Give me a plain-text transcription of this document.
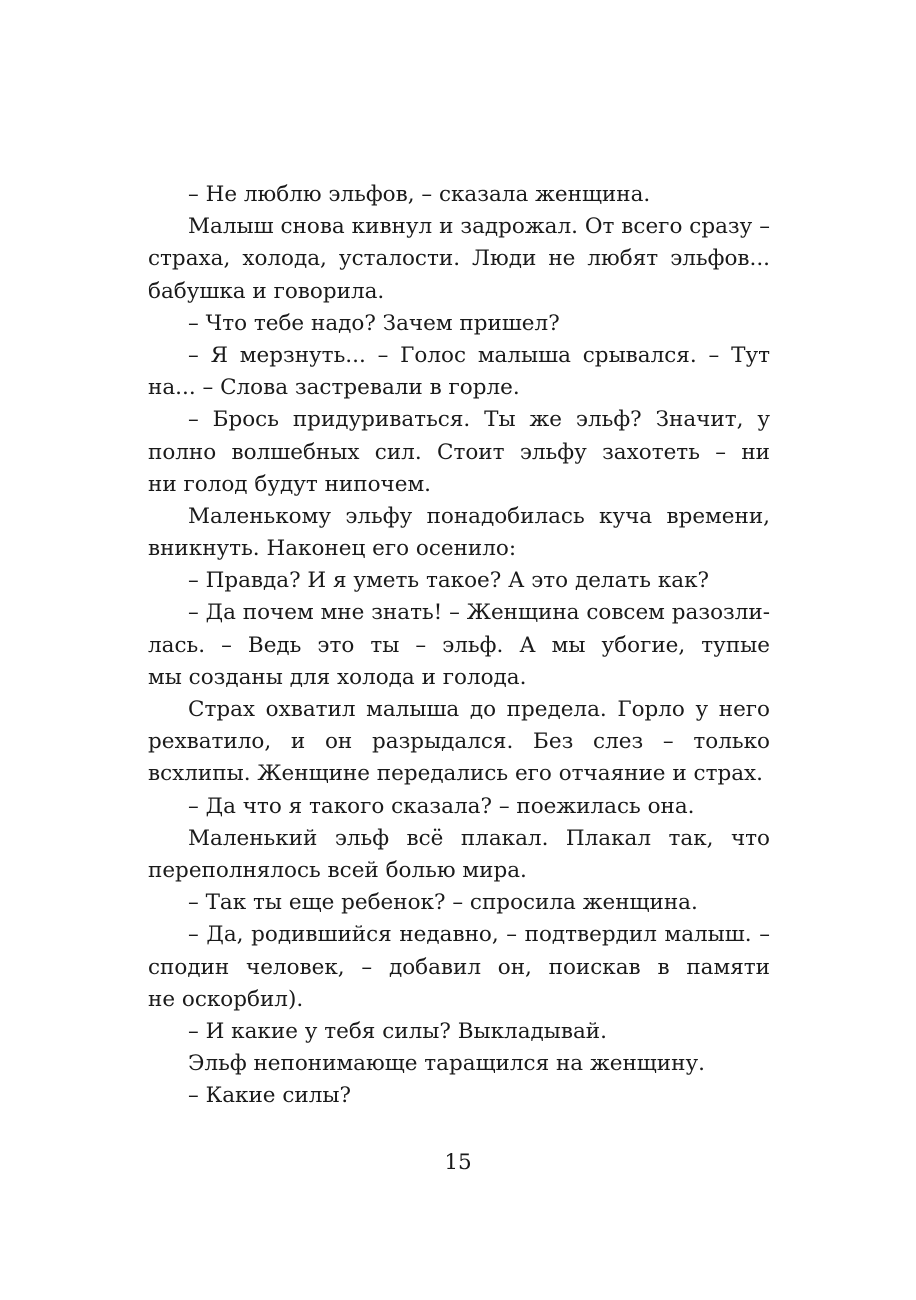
– Не люблю эльфов, – сказала женщина.
Малыш снова кивнул и задрожал. От всего сразу –
страха, холода, усталости. Люди не любят эльфов...
бабушка и говорила.
– Что тебе надо? Зачем пришел?
– Я мерзнуть... – Голос малыша срывался. – Тут
на... – Слова застревали в горле.
– Брось придуриваться. Ты же эльф? Значит, у
полно волшебных сил. Стоит эльфу захотеть – ни
ни голод будут нипочем.
Маленькому эльфу понадобилась куча времени,
вникнуть. Наконец его осенило:
– Правда? И я уметь такое? А это делать как?
– Да почем мне знать! – Женщина совсем разозли-
лась. – Ведь это ты – эльф. А мы убогие, тупые
мы созданы для холода и голода.
Страх охватил малыша до предела. Горло у него
рехватило, и он разрыдался. Без слез – только
всхлипы. Женщине передались его отчаяние и страх.
– Да что я такого сказала? – поежилась она.
Маленький эльф всё плакал. Плакал так, что
переполнялось всей болью мира.
– Так ты еще ребенок? – спросила женщина.
– Да, родившийся недавно, – подтвердил малыш. –
сподин человек, – добавил он, поискав в памяти
не оскорбил).
– И какие у тебя силы? Выкладывай.
Эльф непонимающе таращился на женщину.
– Какие силы?
15
